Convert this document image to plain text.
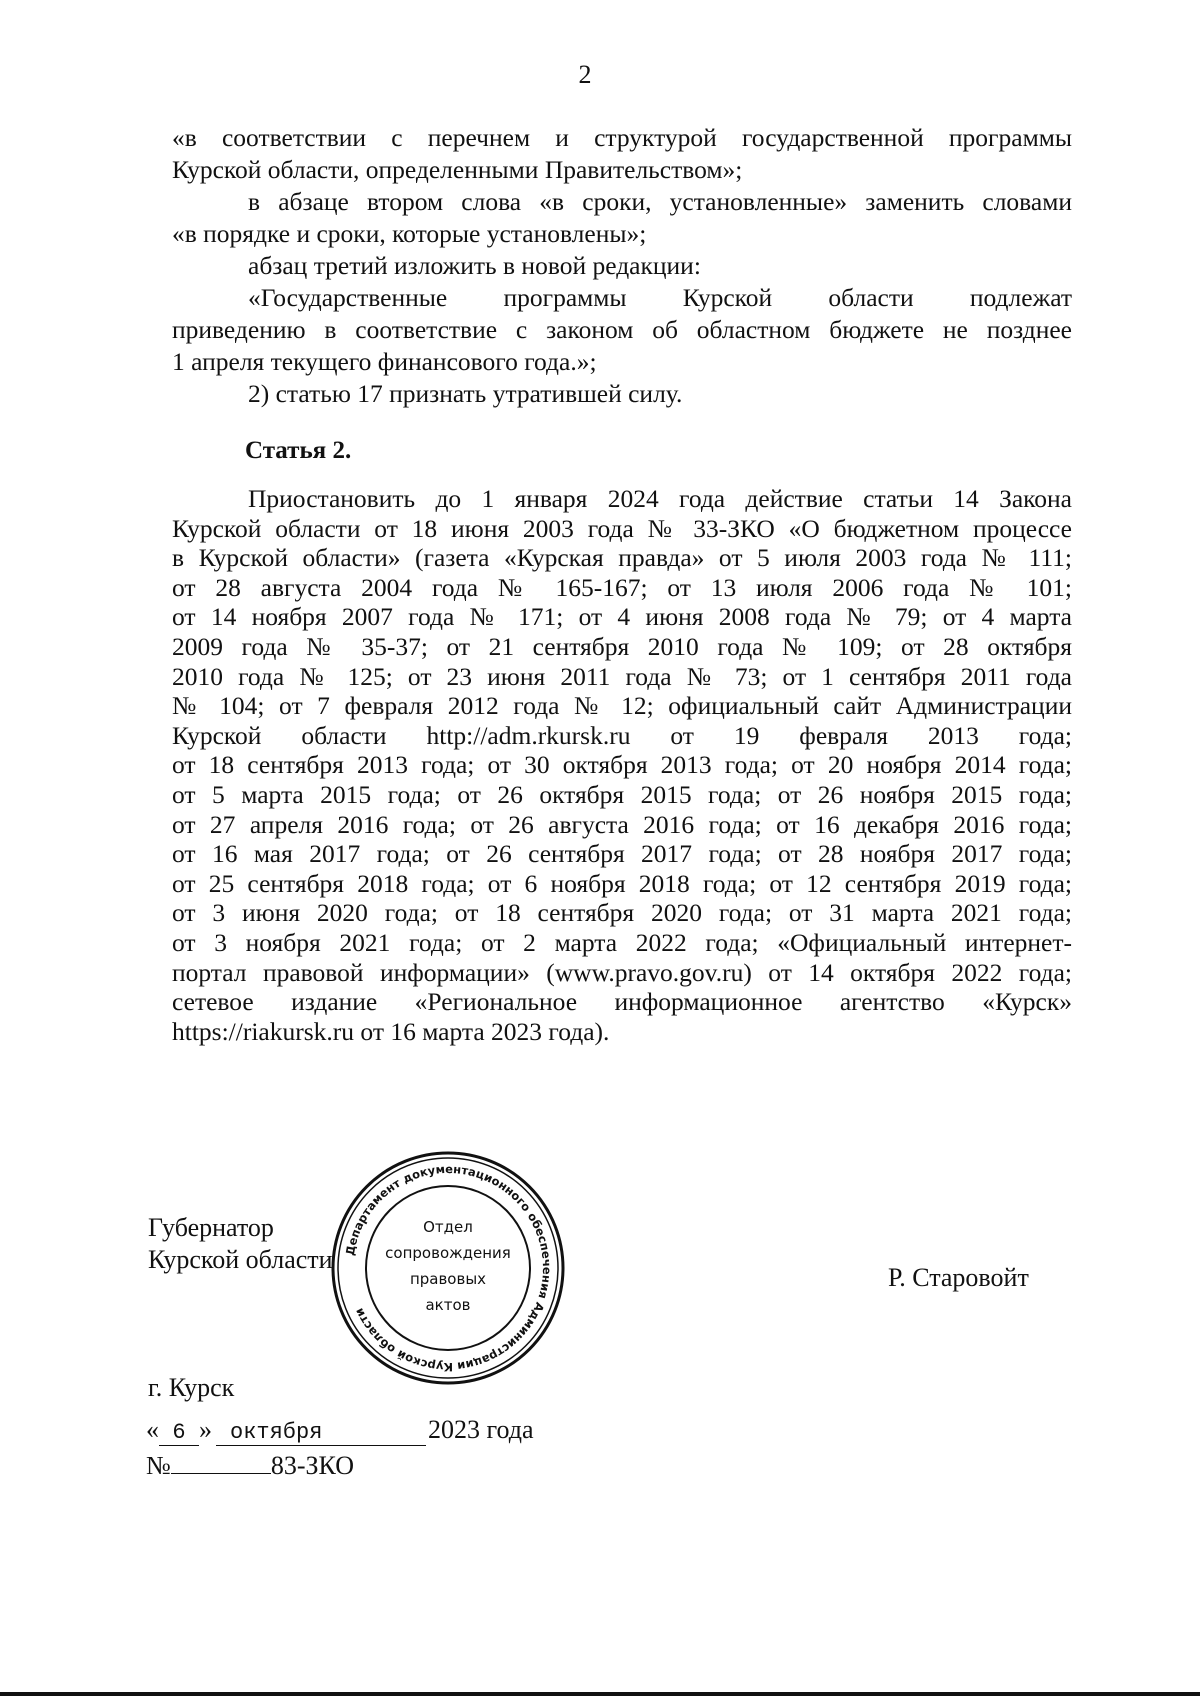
2
«в соответствии с перечнем и структурой государственной программы
Курской области, определенными Правительством»;
в абзаце втором слова «в сроки, установленные» заменить словами
«в порядке и сроки, которые установлены»;
абзац третий изложить в новой редакции:
«Государственные программы Курской области подлежат
приведению в соответствие с законом об областном бюджете не позднее
1 апреля текущего финансового года.»;
2) статью 17 признать утратившей силу.
Статья 2.
Приостановить до 1 января 2024 года действие статьи 14 Закона
Курской области от 18 июня 2003 года № 33-ЗКО «О бюджетном процессе
в Курской области» (газета «Курская правда» от 5 июля 2003 года № 111;
от 28 августа 2004 года № 165-167; от 13 июля 2006 года № 101;
от 14 ноября 2007 года № 171; от 4 июня 2008 года № 79; от 4 марта
2009 года № 35-37; от 21 сентября 2010 года № 109; от 28 октября
2010 года № 125; от 23 июня 2011 года № 73; от 1 сентября 2011 года
№ 104; от 7 февраля 2012 года № 12; официальный сайт Администрации
Курской области http://adm.rkursk.ru от 19 февраля 2013 года;
от 18 сентября 2013 года; от 30 октября 2013 года; от 20 ноября 2014 года;
от 5 марта 2015 года; от 26 октября 2015 года; от 26 ноября 2015 года;
от 27 апреля 2016 года; от 26 августа 2016 года; от 16 декабря 2016 года;
от 16 мая 2017 года; от 26 сентября 2017 года; от 28 ноября 2017 года;
от 25 сентября 2018 года; от 6 ноября 2018 года; от 12 сентября 2019 года;
от 3 июня 2020 года; от 18 сентября 2020 года; от 31 марта 2021 года;
от 3 ноября 2021 года; от 2 марта 2022 года; «Официальный интернет-
портал правовой информации» (www.pravo.gov.ru) от 14 октября 2022 года;
сетевое издание «Региональное информационное агентство «Курск»
https://riakursk.ru от 16 марта 2023 года).
Губернатор
Курской области
Р. Старовойт
Департамент документационного обеспечения Администрации Курской области
Отдел
сопровождения
правовых
актов
г. Курск
« 6 » октября	2023 года
№	83-ЗКО
